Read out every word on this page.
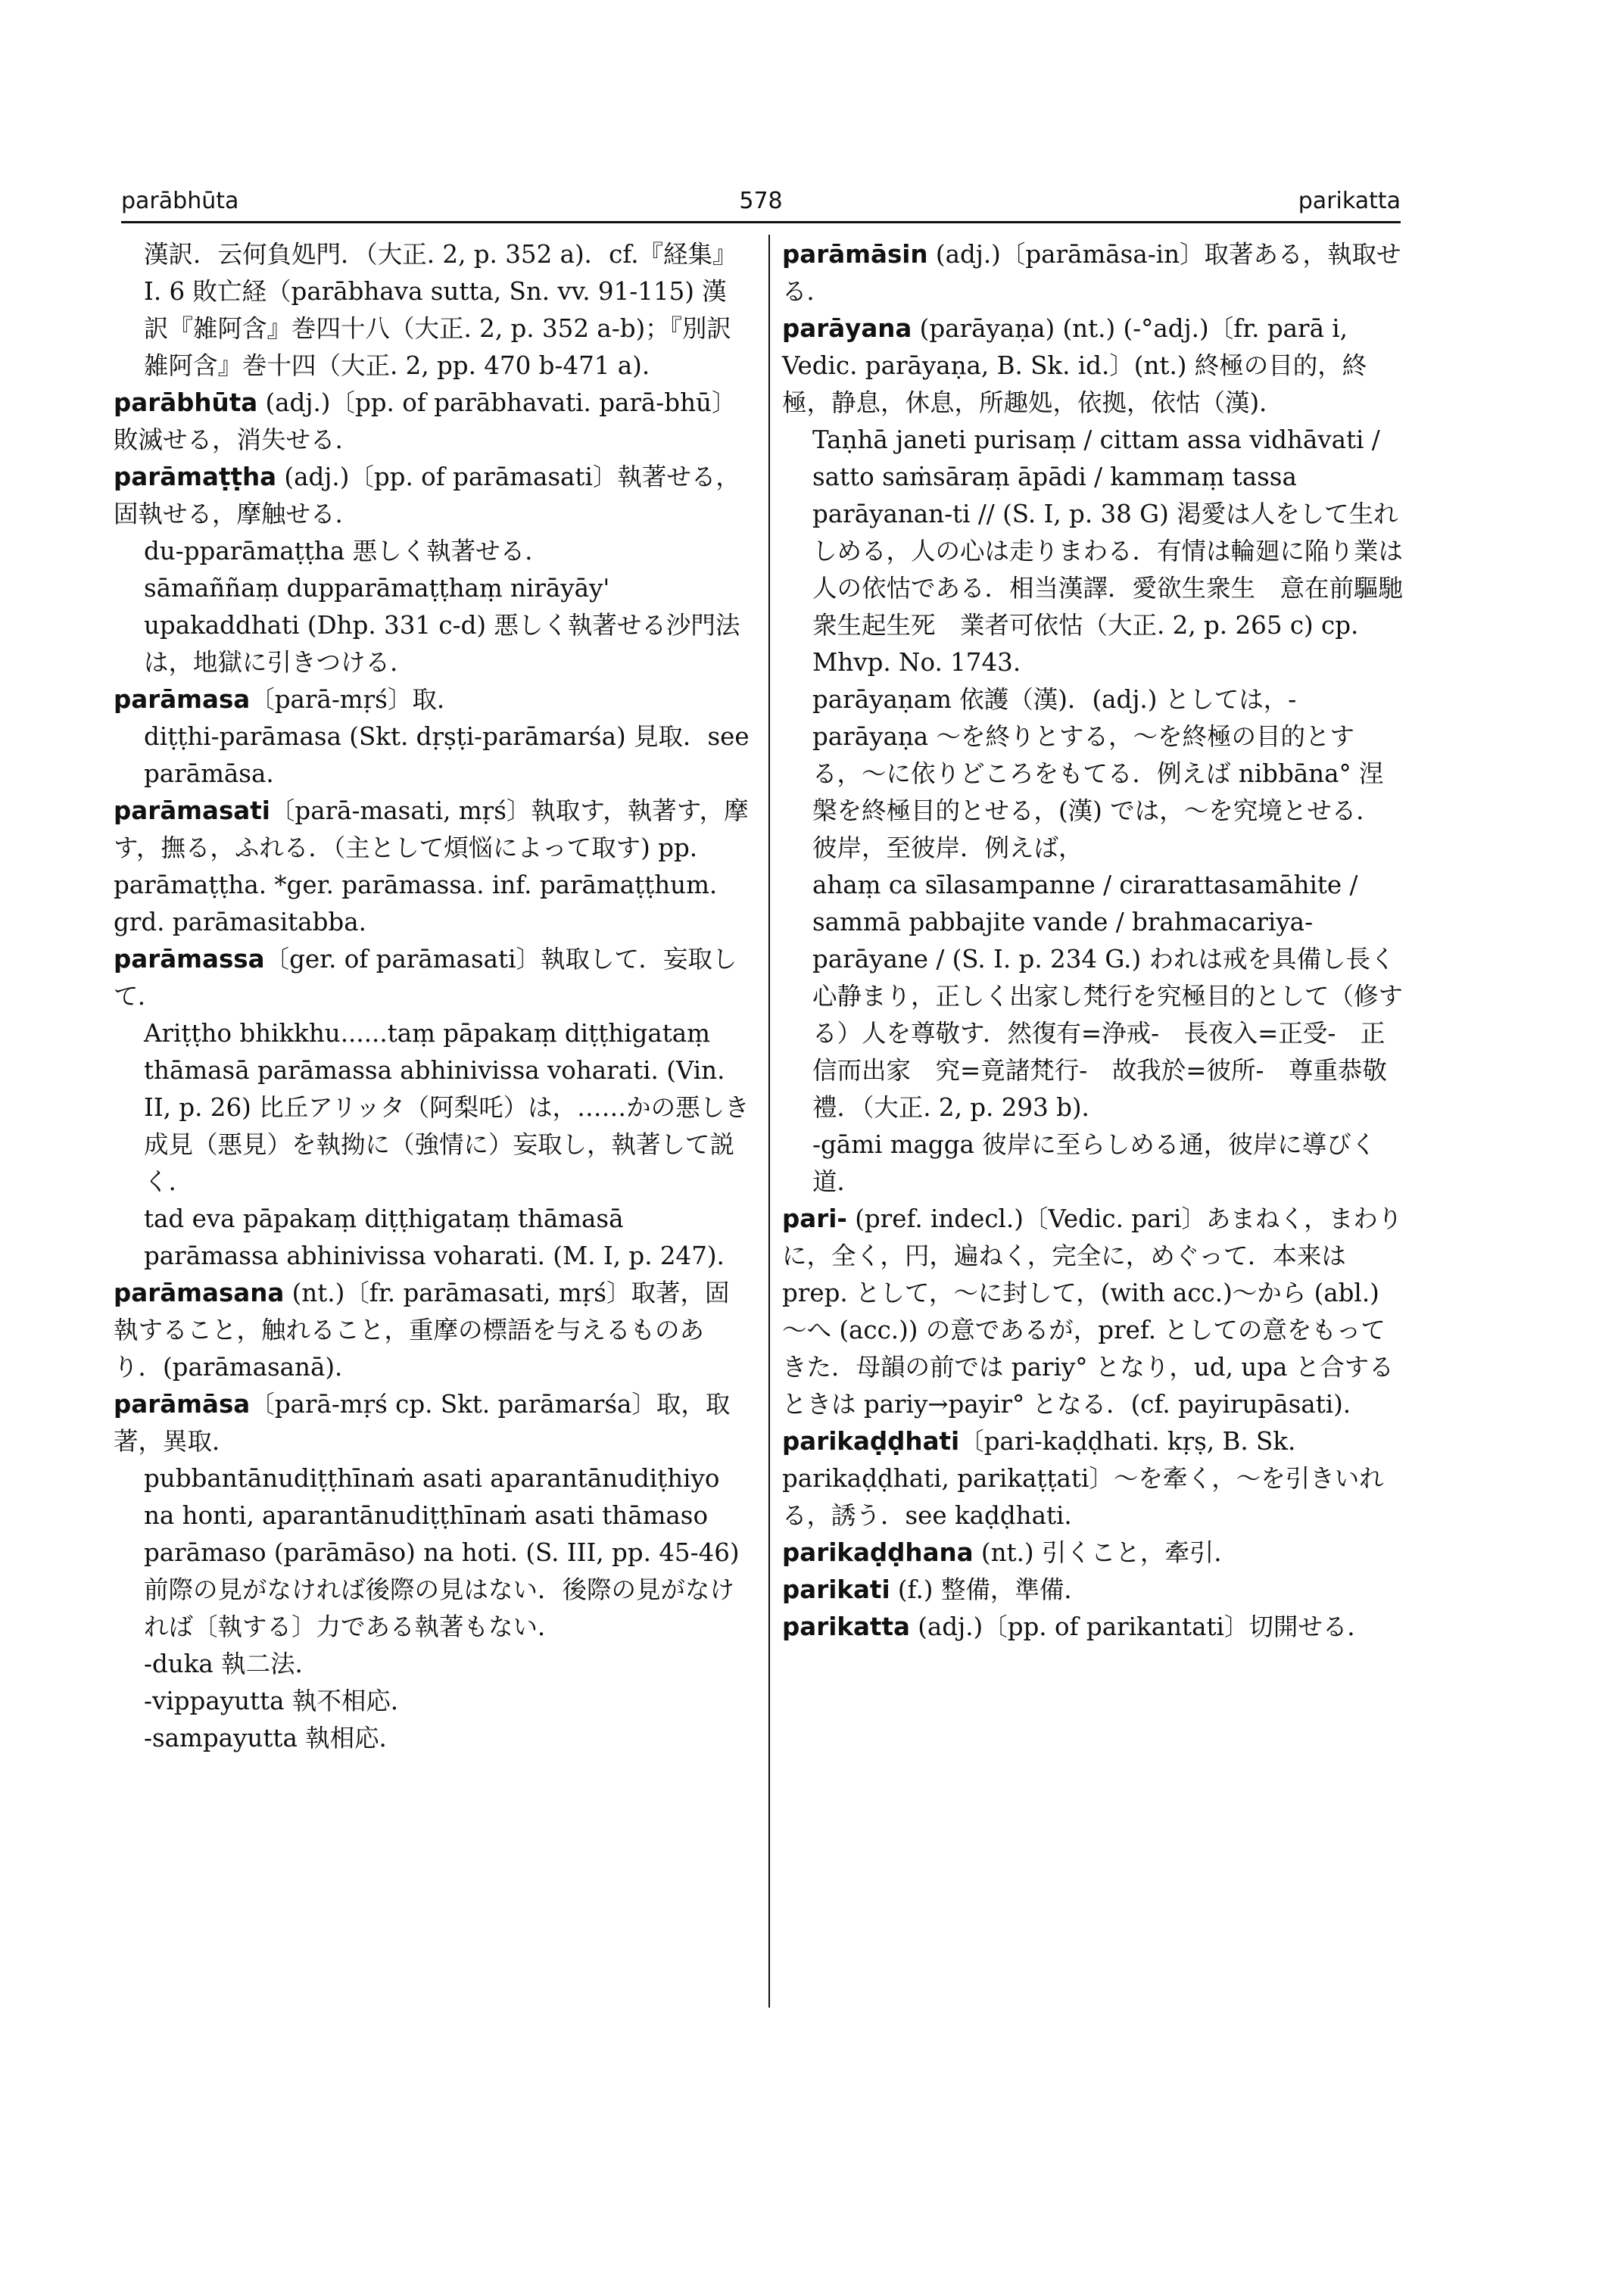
parābhūta	578	parikatta

漢訳．云何負処門．（大正. 2, p. 352 a)．cf.『経集』I. 6 敗亡経（parābhava sutta, Sn. vv. 91-115) 漢訳『雑阿含』巻四十八（大正. 2, p. 352 a-b)；『別訳雑阿含』巻十四（大正. 2, pp. 470 b-471 a).

parābhūta (adj.)〔pp. of parābhavati. parā-bhū〕敗滅せる，消失せる.

parāmaṭṭha (adj.)〔pp. of parāmasati〕執著せる，固執せる，摩触せる.

du-pparāmaṭṭha 悪しく執著せる.

sāmaññaṃ dupparāmaṭṭhaṃ nirāyāy' upakaddhati (Dhp. 331 c-d) 悪しく執著せる沙門法は，地獄に引きつける.

parāmasa〔parā-mṛś〕取.

diṭṭhi-parāmasa (Skt. dṛṣṭi-parāmarśa) 見取．see parāmāsa.

parāmasati〔parā-masati, mṛś〕執取す，執著す，摩す，撫る，ふれる．（主として煩悩によって取す) pp. parāmaṭṭha. *ger. parāmassa. inf. parāmaṭṭhum. grd. parāmasitabba.

parāmassa〔ger. of parāmasati〕執取して．妄取して．

Ariṭṭho bhikkhu......taṃ pāpakaṃ diṭṭhigataṃ thāmasā parāmassa abhinivissa voharati. (Vin. II, p. 26) 比丘アリッタ（阿梨吒）は，……かの悪しき成見（悪見）を執拗に（強情に）妄取し，執著して説く.

tad eva pāpakaṃ diṭṭhigataṃ thāmasā parāmassa abhinivissa voharati. (M. I, p. 247).

parāmasana (nt.)〔fr. parāmasati, mṛś〕取著，固執すること，触れること，重摩の標語を与えるものあり．(parāmasanā).

parāmāsa〔parā-mṛś cp. Skt. parāmarśa〕取，取著，異取．

pubbantānudiṭṭhīnaṁ asati aparantānudiṭhiyo na honti, aparantānudiṭṭhīnaṁ asati thāmaso parāmaso (parāmāso) na hoti. (S. III, pp. 45-46) 前際の見がなければ後際の見はない．後際の見がなければ〔執する〕力である執著もない．

-duka 執二法．

-vippayutta 執不相応．

-sampayutta 執相応．

parāmāsin (adj.)〔parāmāsa-in〕取著ある，執取せる．

parāyana (parāyaṇa) (nt.) (-°adj.)〔fr. parā i, Vedic. parāyaṇa, B. Sk. id.〕(nt.) 終極の目的，終極，静息，休息，所趣処，依拠，依怙（漢)．

Taṇhā janeti purisaṃ / cittam assa vidhāvati / satto saṁsāraṃ āpādi / kammaṃ tassa parāyanan-ti // (S. I, p. 38 G) 渇愛は人をして生れしめる，人の心は走りまわる．有情は輪廻に陥り業は人の依怙である．相当漢譯．愛欲生衆生　意在前驅馳　衆生起生死　業者可依怙（大正. 2, p. 265 c) cp. Mhvp. No. 1743.

parāyaṇam 依護（漢)．(adj.) としては，-parāyaṇa ～を終りとする，～を終極の目的とする，～に依りどころをもてる．例えば nibbāna° 涅槃を終極目的とせる，(漢) では，～を究境とせる．彼岸，至彼岸．例えば，

ahaṃ ca sīlasampanne / cirarattasamāhite / sammā pabbajite vande / brahmacariya-parāyane / (S. I. p. 234 G.) われは戒を具備し長く心静まり，正しく出家し梵行を究極目的として（修する）人を尊敬す．然復有=浄戒-　長夜入=正受-　正信而出家　究=竟諸梵行-　故我於=彼所-　尊重恭敬禮．（大正. 2, p. 293 b)．

-gāmi magga 彼岸に至らしめる通，彼岸に導びく道．

pari- (pref. indecl.)〔Vedic. pari〕あまねく，まわりに，全く，円，遍ねく，完全に，めぐって．本来は prep. として，～に封して，(with acc.)～から (abl.) ～へ (acc.)) の意であるが，pref. としての意をもってきた．母韻の前では pariy° となり，ud, upa と合するときは pariy→payir° となる．(cf. payirupāsati).

parikaḍḍhati〔pari-kaḍḍhati. kṛṣ, B. Sk. parikaḍḍhati, parikaṭṭati〕～を牽く，～を引きいれる，誘う．see kaḍḍhati.

parikaḍḍhana (nt.) 引くこと，牽引．

parikati (f.) 整備，準備．

parikatta (adj.)〔pp. of parikantati〕切開せる．
